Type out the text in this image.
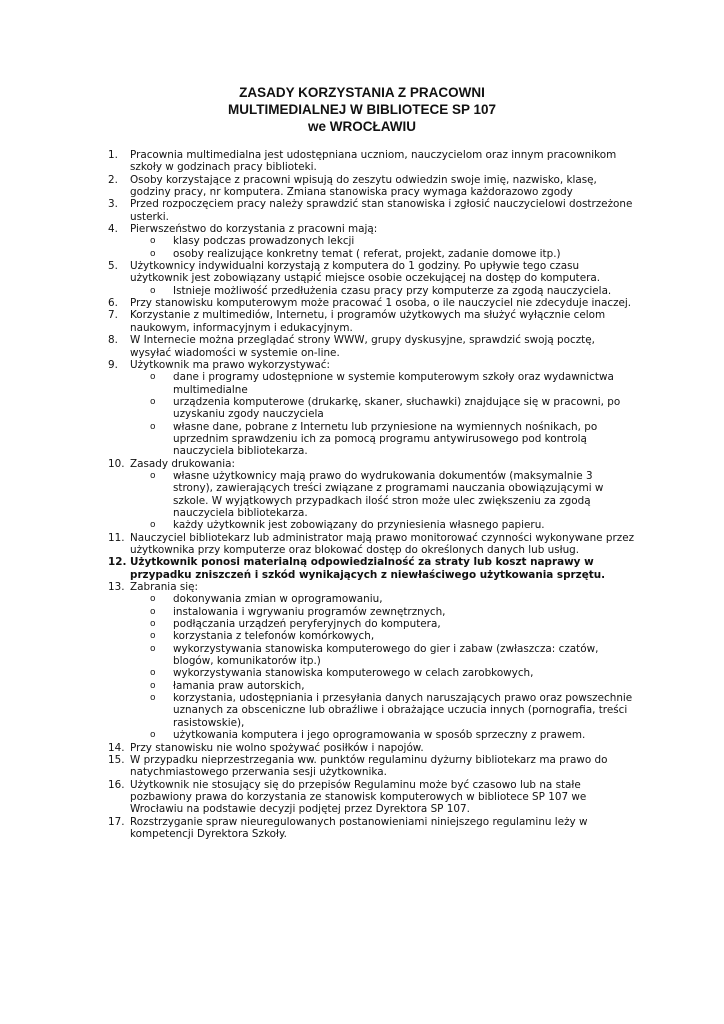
ZASADY KORZYSTANIA Z PRACOWNI
MULTIMEDIALNEJ W BIBLIOTECE SP 107
we WROCŁAWIU
1. Pracownia multimedialna jest udostępniana uczniom, nauczycielom oraz innym pracownikom szkoły w godzinach pracy biblioteki.
2. Osoby korzystające z pracowni wpisują do zeszytu odwiedzin swoje imię, nazwisko, klasę, godziny pracy, nr komputera. Zmiana stanowiska pracy wymaga każdorazowo zgody
3. Przed rozpoczęciem pracy należy sprawdzić stan stanowiska i zgłosić nauczycielowi dostrzeżone usterki.
4. Pierwszeństwo do korzystania z pracowni mają:
o klasy podczas prowadzonych lekcji
o osoby realizujące konkretny temat ( referat, projekt, zadanie domowe itp.)
5. Użytkownicy indywidualni korzystają z komputera do 1 godziny. Po upływie tego czasu użytkownik jest zobowiązany ustąpić miejsce osobie oczekującej na dostęp do komputera.
o Istnieje możliwość przedłużenia czasu pracy przy komputerze za zgodą nauczyciela.
6. Przy stanowisku komputerowym może pracować 1 osoba, o ile nauczyciel nie zdecyduje inaczej.
7. Korzystanie z multimediów, Internetu, i programów użytkowych ma służyć wyłącznie celom naukowym, informacyjnym i edukacyjnym.
8. W Internecie można przeglądać strony WWW, grupy dyskusyjne, sprawdzić swoją pocztę, wysyłać wiadomości w systemie on-line.
9. Użytkownik ma prawo wykorzystywać:
o dane i programy udostępnione w systemie komputerowym szkoły oraz wydawnictwa multimedialne
o urządzenia komputerowe (drukarkę, skaner, słuchawki) znajdujące się w pracowni, po uzyskaniu zgody nauczyciela
o własne dane, pobrane z Internetu lub przyniesione na wymiennych nośnikach, po uprzednim sprawdzeniu ich za pomocą programu antywirusowego pod kontrolą nauczyciela bibliotekarza.
10. Zasady drukowania:
o własne użytkownicy mają prawo do wydrukowania dokumentów (maksymalnie 3 strony), zawierających treści związane z programami nauczania obowiązującymi w szkole. W wyjątkowych przypadkach ilość stron może ulec zwiększeniu za zgodą nauczyciela bibliotekarza.
o każdy użytkownik jest zobowiązany do przyniesienia własnego papieru.
11. Nauczyciel bibliotekarz lub administrator mają prawo monitorować czynności wykonywane przez użytkownika przy komputerze oraz blokować dostęp do określonych danych lub usług.
12. Użytkownik ponosi materialną odpowiedzialność za straty lub koszt naprawy w przypadku zniszczeń i szkód wynikających z niewłaściwego użytkowania sprzętu.
13. Zabrania się:
o dokonywania zmian w oprogramowaniu,
o instalowania i wgrywaniu programów zewnętrznych,
o podłączania urządzeń peryferyjnych do komputera,
o korzystania z telefonów komórkowych,
o wykorzystywania stanowiska komputerowego do gier i zabaw (zwłaszcza: czatów, blogów, komunikatorów itp.)
o wykorzystywania stanowiska komputerowego w celach zarobkowych,
o łamania praw autorskich,
o korzystania, udostępniania i przesyłania danych naruszających prawo oraz powszechnie uznanych za obsceniczne lub obraźliwe i obrażające uczucia innych (pornografia, treści rasistowskie),
o użytkowania komputera i jego oprogramowania w sposób sprzeczny z prawem.
14. Przy stanowisku nie wolno spożywać posiłków i napojów.
15. W przypadku nieprzestrzegania ww. punktów regulaminu dyżurny bibliotekarz ma prawo do natychmiastowego przerwania sesji użytkownika.
16. Użytkownik nie stosujący się do przepisów Regulaminu może być czasowo lub na stałe pozbawiony prawa do korzystania ze stanowisk komputerowych w bibliotece SP 107 we Wrocławiu na podstawie decyzji podjętej przez Dyrektora SP 107.
17. Rozstrzyganie spraw nieuregulowanych postanowieniami niniejszego regulaminu leży w kompetencji Dyrektora Szkoły.
